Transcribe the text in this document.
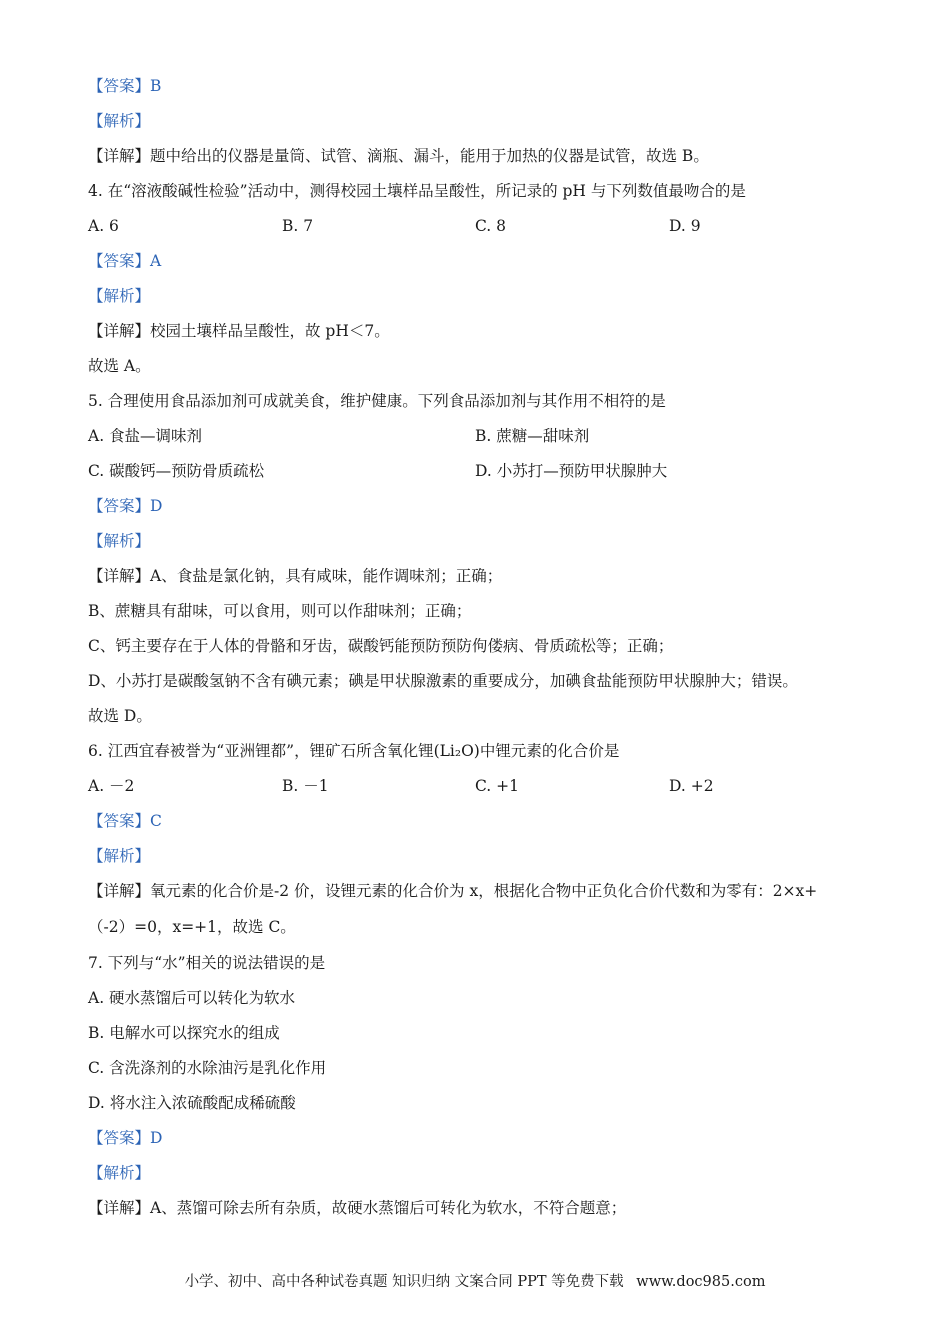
【答案】B
【解析】
【详解】题中给出的仪器是量筒、试管、滴瓶、漏斗，能用于加热的仪器是试管，故选 B。
4. 在“溶液酸碱性检验”活动中，测得校园土壤样品呈酸性，所记录的 pH 与下列数值最吻合的是
A. 6	B. 7	C. 8	D. 9
【答案】A
【解析】
【详解】校园土壤样品呈酸性，故 pH＜7。
故选 A。
5. 合理使用食品添加剂可成就美食，维护健康。下列食品添加剂与其作用不相符的是
A. 食盐—调味剂	B. 蔗糖—甜味剂
C. 碳酸钙—预防骨质疏松	D. 小苏打—预防甲状腺肿大
【答案】D
【解析】
【详解】A、食盐是氯化钠，具有咸味，能作调味剂；正确；
B、蔗糖具有甜味，可以食用，则可以作甜味剂；正确；
C、钙主要存在于人体的骨骼和牙齿，碳酸钙能预防预防佝偻病、骨质疏松等；正确；
D、小苏打是碳酸氢钠不含有碘元素；碘是甲状腺激素的重要成分，加碘食盐能预防甲状腺肿大；错误。
故选 D。
6. 江西宜春被誉为“亚洲锂都”，锂矿石所含氧化锂(Li₂O)中锂元素的化合价是
A. －2	B. －1	C. +1	D. +2
【答案】C
【解析】
【详解】氧元素的化合价是-2 价，设锂元素的化合价为 x，根据化合物中正负化合价代数和为零有：2×x+
（-2）=0，x=+1，故选 C。
7. 下列与“水”相关的说法错误的是
A. 硬水蒸馏后可以转化为软水
B. 电解水可以探究水的组成
C. 含洗涤剂的水除油污是乳化作用
D. 将水注入浓硫酸配成稀硫酸
【答案】D
【解析】
【详解】A、蒸馏可除去所有杂质，故硬水蒸馏后可转化为软水，不符合题意；
小学、初中、高中各种试卷真题 知识归纳 文案合同 PPT 等免费下载 www.doc985.com
